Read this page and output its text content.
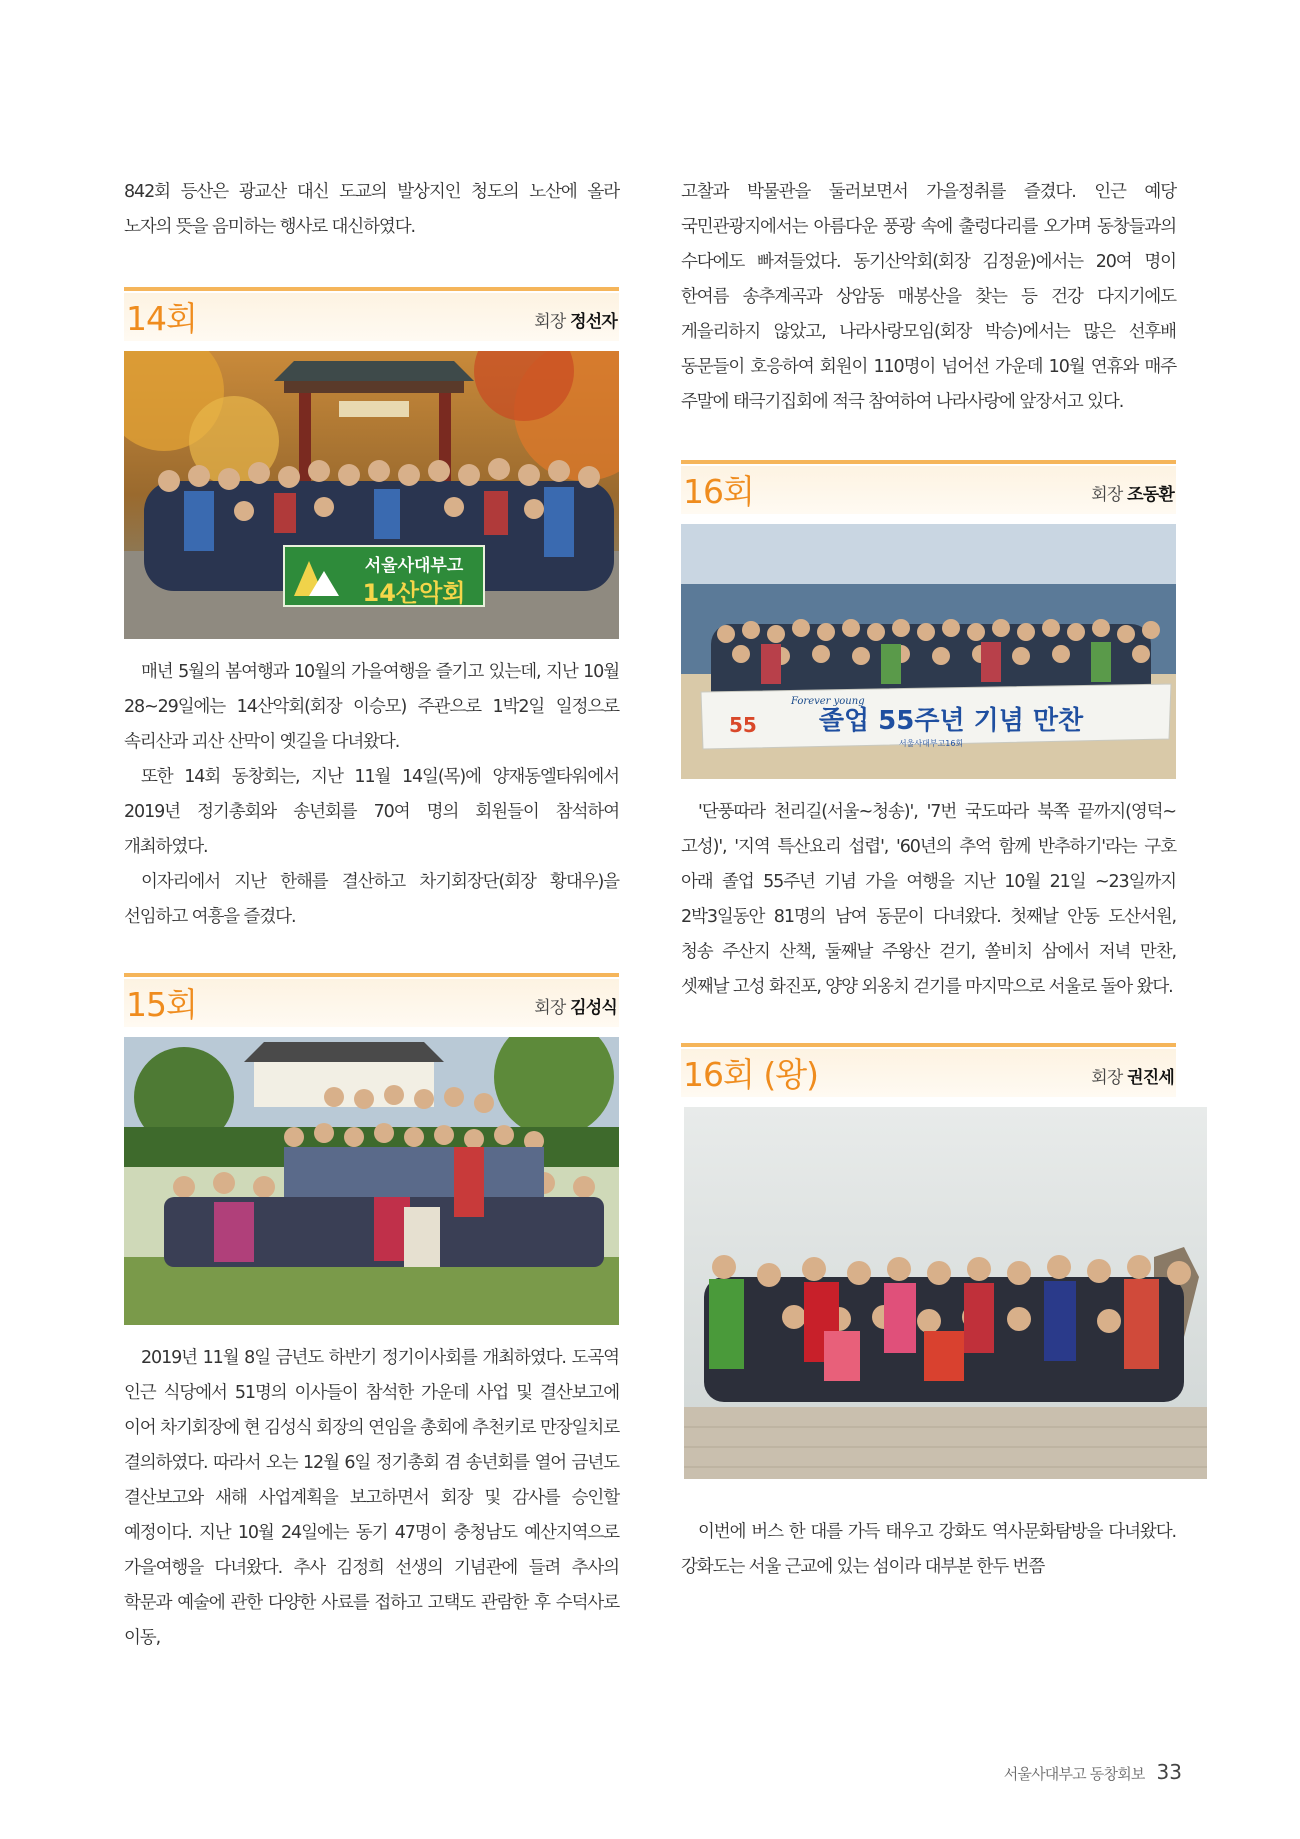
842회 등산은 광교산 대신 도교의 발상지인 청도의 노산에 올라 노자의 뜻을 음미하는 행사로 대신하였다.

14회	회장 정선자
서울사대부고
14산악회

매년 5월의 봄여행과 10월의 가을여행을 즐기고 있는데, 지난 10월 28~29일에는 14산악회(회장 이승모) 주관으로 1박2일 일정으로 속리산과 괴산 산막이 옛길을 다녀왔다.

또한 14회 동창회는, 지난 11월 14일(목)에 양재동엘타워에서 2019년 정기총회와 송년회를 70여 명의 회원들이 참석하여 개최하였다.

이자리에서 지난 한해를 결산하고 차기회장단(회장 황대우)을 선임하고 여흥을 즐겼다.

15회	회장 김성식

2019년 11월 8일 금년도 하반기 정기이사회를 개최하였다. 도곡역 인근 식당에서 51명의 이사들이 참석한 가운데 사업 및 결산보고에 이어 차기회장에 현 김성식 회장의 연임을 총회에 추천키로 만장일치로 결의하였다. 따라서 오는 12월 6일 정기총회 겸 송년회를 열어 금년도 결산보고와 새해 사업계획을 보고하면서 회장 및 감사를 승인할 예정이다. 지난 10월 24일에는 동기 47명이 충청남도 예산지역으로 가을여행을 다녀왔다. 추사 김정희 선생의 기념관에 들려 추사의 학문과 예술에 관한 다양한 사료를 접하고 고택도 관람한 후 수덕사로 이동,

고찰과 박물관을 둘러보면서 가을정취를 즐겼다. 인근 예당 국민관광지에서는 아름다운 풍광 속에 출렁다리를 오가며 동창들과의 수다에도 빠져들었다. 동기산악회(회장 김정윤)에서는 20여 명이 한여름 송추계곡과 상암동 매봉산을 찾는 등 건강 다지기에도 게을리하지 않았고, 나라사랑모임(회장 박승)에서는 많은 선후배 동문들이 호응하여 회원이 110명이 넘어선 가운데 10월 연휴와 매주 주말에 태극기집회에 적극 참여하여 나라사랑에 앞장서고 있다.

16회	회장 조동환
55
Forever young
졸업 55주년 기념 만찬
서울사대부고16회

'단풍따라 천리길(서울~청송)', '7번 국도따라 북쪽 끝까지(영덕~고성)', '지역 특산요리 섭렵', '60년의 추억 함께 반추하기'라는 구호 아래 졸업 55주년 기념 가을 여행을 지난 10월 21일 ~23일까지 2박3일동안 81명의 남여 동문이 다녀왔다. 첫째날 안동 도산서원, 청송 주산지 산책, 둘째날 주왕산 걷기, 쏠비치 삼에서 저녁 만찬, 셋째날 고성 화진포, 양양 외옹치 걷기를 마지막으로 서울로 돌아 왔다.

16회 (왕)	회장 권진세

이번에 버스 한 대를 가득 태우고 강화도 역사문화탐방을 다녀왔다. 강화도는 서울 근교에 있는 섬이라 대부분 한두 번쯤

서울사대부고 동창회보 33
